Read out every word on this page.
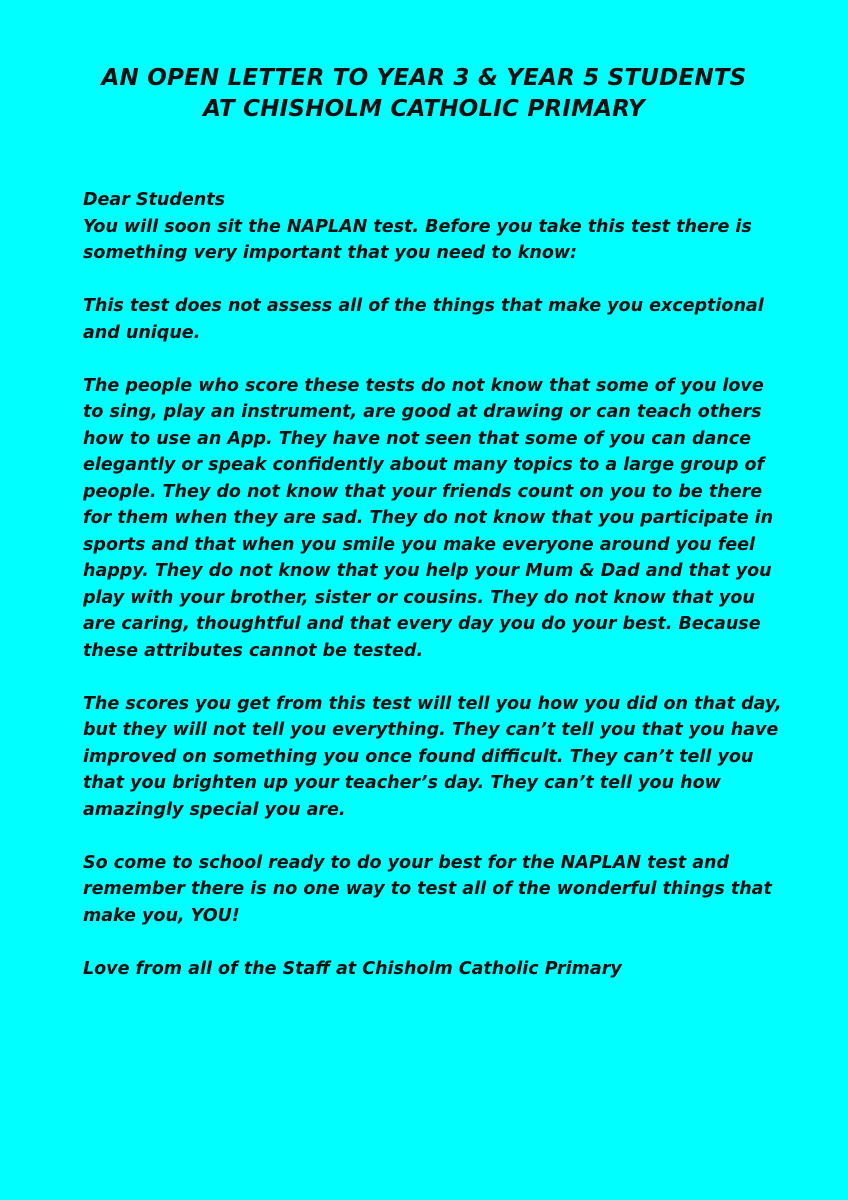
AN OPEN LETTER TO YEAR 3 & YEAR 5 STUDENTS
AT CHISHOLM CATHOLIC PRIMARY

Dear Students

You will soon sit the NAPLAN test. Before you take this test there is something very important that you need to know:

This test does not assess all of the things that make you exceptional and unique.

The people who score these tests do not know that some of you love to sing, play an instrument, are good at drawing or can teach others how to use an App. They have not seen that some of you can dance elegantly or speak confidently about many topics to a large group of people. They do not know that your friends count on you to be there for them when they are sad. They do not know that you participate in sports and that when you smile you make everyone around you feel happy. They do not know that you help your Mum & Dad and that you play with your brother, sister or cousins. They do not know that you are caring, thoughtful and that every day you do your best. Because these attributes cannot be tested.

The scores you get from this test will tell you how you did on that day, but they will not tell you everything. They can’t tell you that you have improved on something you once found difficult. They can’t tell you that you brighten up your teacher’s day. They can’t tell you how amazingly special you are.

So come to school ready to do your best for the NAPLAN test and remember there is no one way to test all of the wonderful things that make you, YOU!

Love from all of the Staff at Chisholm Catholic Primary
